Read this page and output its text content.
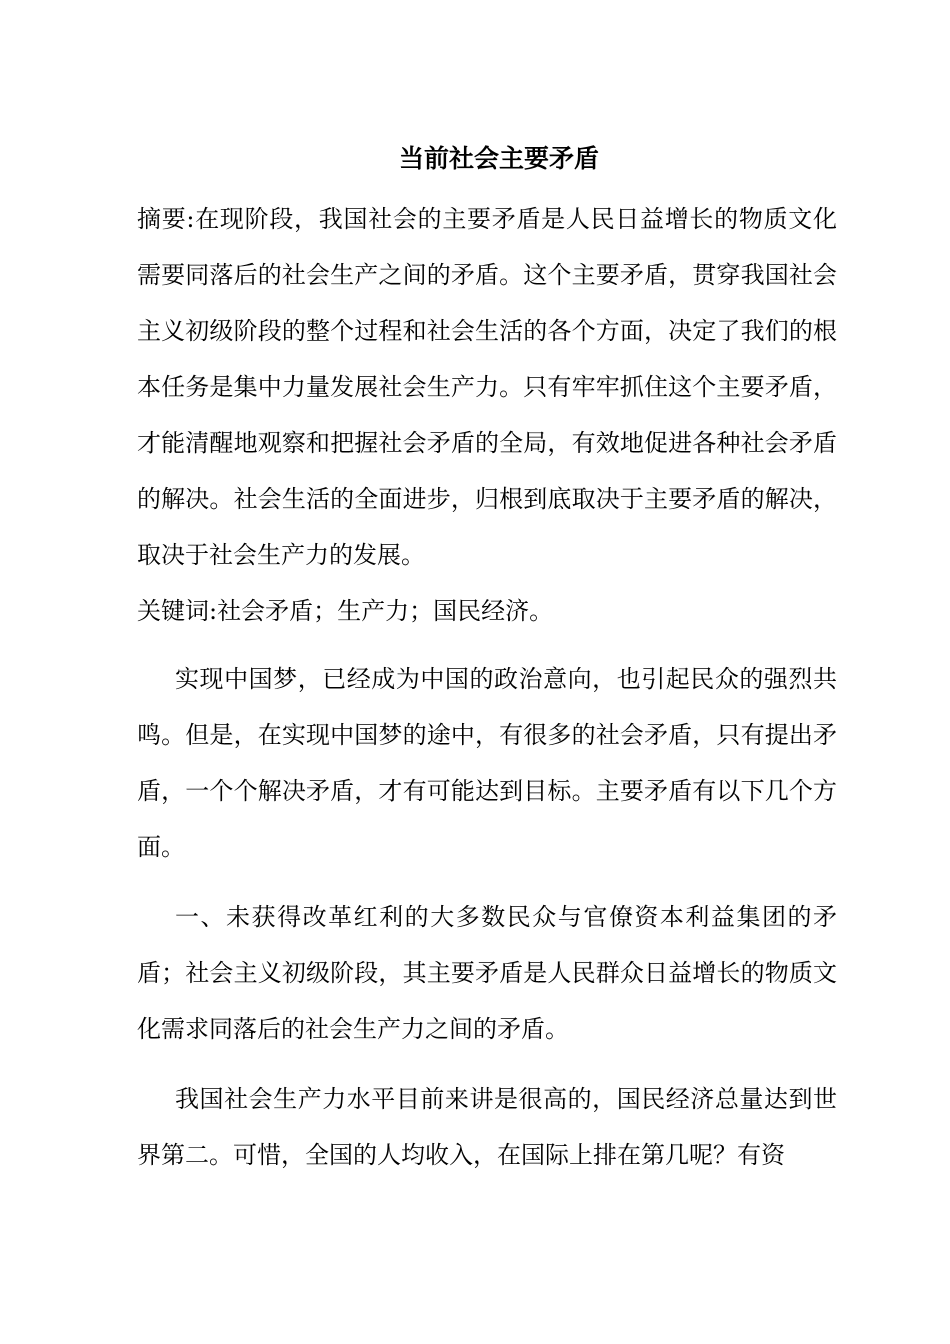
当前社会主要矛盾

摘要:在现阶段，我国社会的主要矛盾是人民日益增长的物质文化需要同落后的社会生产之间的矛盾。这个主要矛盾，贯穿我国社会主义初级阶段的整个过程和社会生活的各个方面，决定了我们的根本任务是集中力量发展社会生产力。只有牢牢抓住这个主要矛盾，才能清醒地观察和把握社会矛盾的全局，有效地促进各种社会矛盾的解决。社会生活的全面进步，归根到底取决于主要矛盾的解决，取决于社会生产力的发展。

关键词:社会矛盾；生产力；国民经济。

实现中国梦，已经成为中国的政治意向，也引起民众的强烈共鸣。但是，在实现中国梦的途中，有很多的社会矛盾，只有提出矛盾，一个个解决矛盾，才有可能达到目标。主要矛盾有以下几个方面。

一、未获得改革红利的大多数民众与官僚资本利益集团的矛盾；社会主义初级阶段，其主要矛盾是人民群众日益增长的物质文化需求同落后的社会生产力之间的矛盾。

我国社会生产力水平目前来讲是很高的，国民经济总量达到世界第二。可惜，全国的人均收入，在国际上排在第几呢？有资
